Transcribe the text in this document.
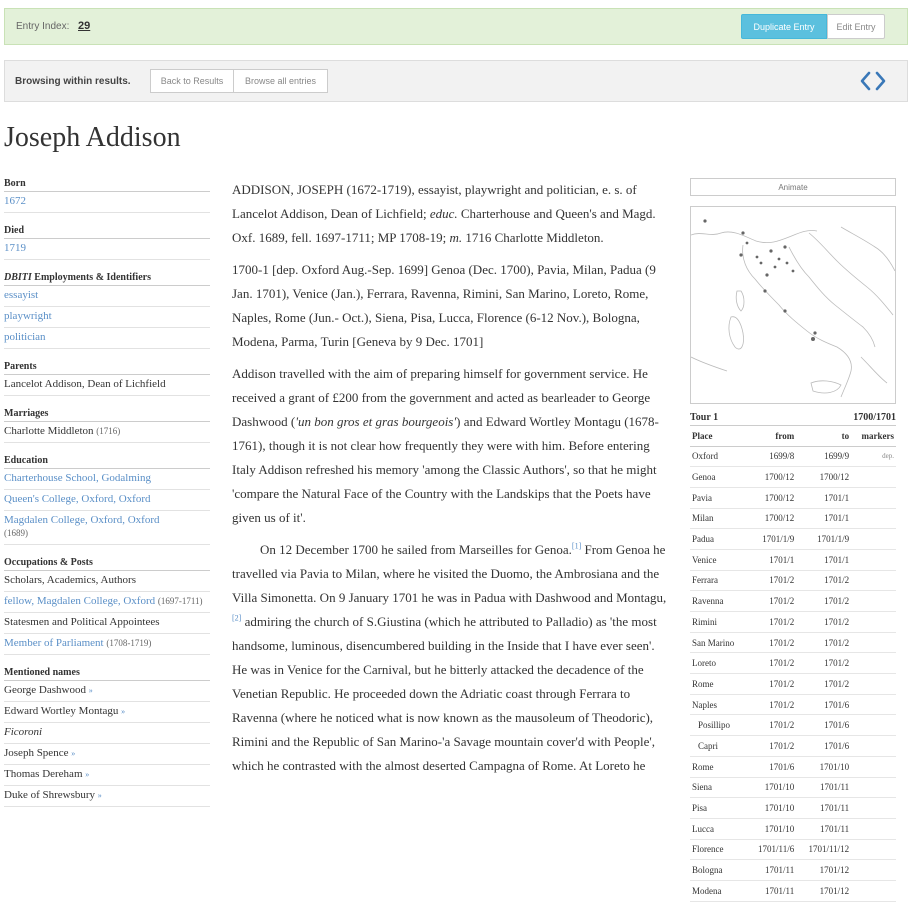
Entry Index: 29	Duplicate Entry	Edit Entry
Browsing within results.	Back to Results	Browse all entries
Joseph Addison
Born
1672
Died
1719
DBITI Employments & Identifiers
essayist
playwright
politician
Parents
Lancelot Addison, Dean of Lichfield
Marriages
Charlotte Middleton (1716)
Education
Charterhouse School, Godalming
Queen's College, Oxford, Oxford
Magdalen College, Oxford, Oxford
(1689)
Occupations & Posts
Scholars, Academics, Authors
fellow, Magdalen College, Oxford (1697-1711)
Statesmen and Political Appointees
Member of Parliament (1708-1719)
Mentioned names
George Dashwood »
Edward Wortley Montagu »
Ficoroni
Joseph Spence »
Thomas Dereham »
Duke of Shrewsbury »

ADDISON, JOSEPH (1672-1719), essayist, playwright and politician, e. s. of Lancelot Addison, Dean of Lichfield; educ. Charterhouse and Queen's and Magd. Oxf. 1689, fell. 1697-1711; MP 1708-19; m. 1716 Charlotte Middleton.

1700-1 [dep. Oxford Aug.-Sep. 1699] Genoa (Dec. 1700), Pavia, Milan, Padua (9 Jan. 1701), Venice (Jan.), Ferrara, Ravenna, Rimini, San Marino, Loreto, Rome, Naples, Rome (Jun.- Oct.), Siena, Pisa, Lucca, Florence (6-12 Nov.), Bologna, Modena, Parma, Turin [Geneva by 9 Dec. 1701]

Addison travelled with the aim of preparing himself for government service. He received a grant of £200 from the government and acted as bearleader to George Dashwood ('un bon gros et gras bourgeois') and Edward Wortley Montagu (1678-1761), though it is not clear how frequently they were with him. Before entering Italy Addison refreshed his memory 'among the Classic Authors', so that he might 'compare the Natural Face of the Country with the Landskips that the Poets have given us of it'.

On 12 December 1700 he sailed from Marseilles for Genoa.[1] From Genoa he travelled via Pavia to Milan, where he visited the Duomo, the Ambrosiana and the Villa Simonetta. On 9 January 1701 he was in Padua with Dashwood and Montagu,[2] admiring the church of S.Giustina (which he attributed to Palladio) as 'the most handsome, luminous, disencumbered building in the Inside that I have ever seen'. He was in Venice for the Carnival, but he bitterly attacked the decadence of the Venetian Republic. He proceeded down the Adriatic coast through Ferrara to Ravenna (where he noticed what is now known as the mausoleum of Theodoric), Rimini and the Republic of San Marino-'a Savage mountain cover'd with People', which he contrasted with the almost deserted Campagna of Rome. At Loreto he

Animate
Tour 1	1700/1701
Place	from	to	markers
Oxford	1699/8	1699/9	dep.
Genoa	1700/12	1700/12	
Pavia	1700/12	1701/1	
Milan	1700/12	1701/1	
Padua	1701/1/9	1701/1/9	
Venice	1701/1	1701/1	
Ferrara	1701/2	1701/2	
Ravenna	1701/2	1701/2	
Rimini	1701/2	1701/2	
San Marino	1701/2	1701/2	
Loreto	1701/2	1701/2	
Rome	1701/2	1701/2	
Naples	1701/2	1701/6	
Posillipo	1701/2	1701/6	
Capri	1701/2	1701/6	
Rome	1701/6	1701/10	
Siena	1701/10	1701/11	
Pisa	1701/10	1701/11	
Lucca	1701/10	1701/11	
Florence	1701/11/6	1701/11/12	
Bologna	1701/11	1701/12	
Modena	1701/11	1701/12	
